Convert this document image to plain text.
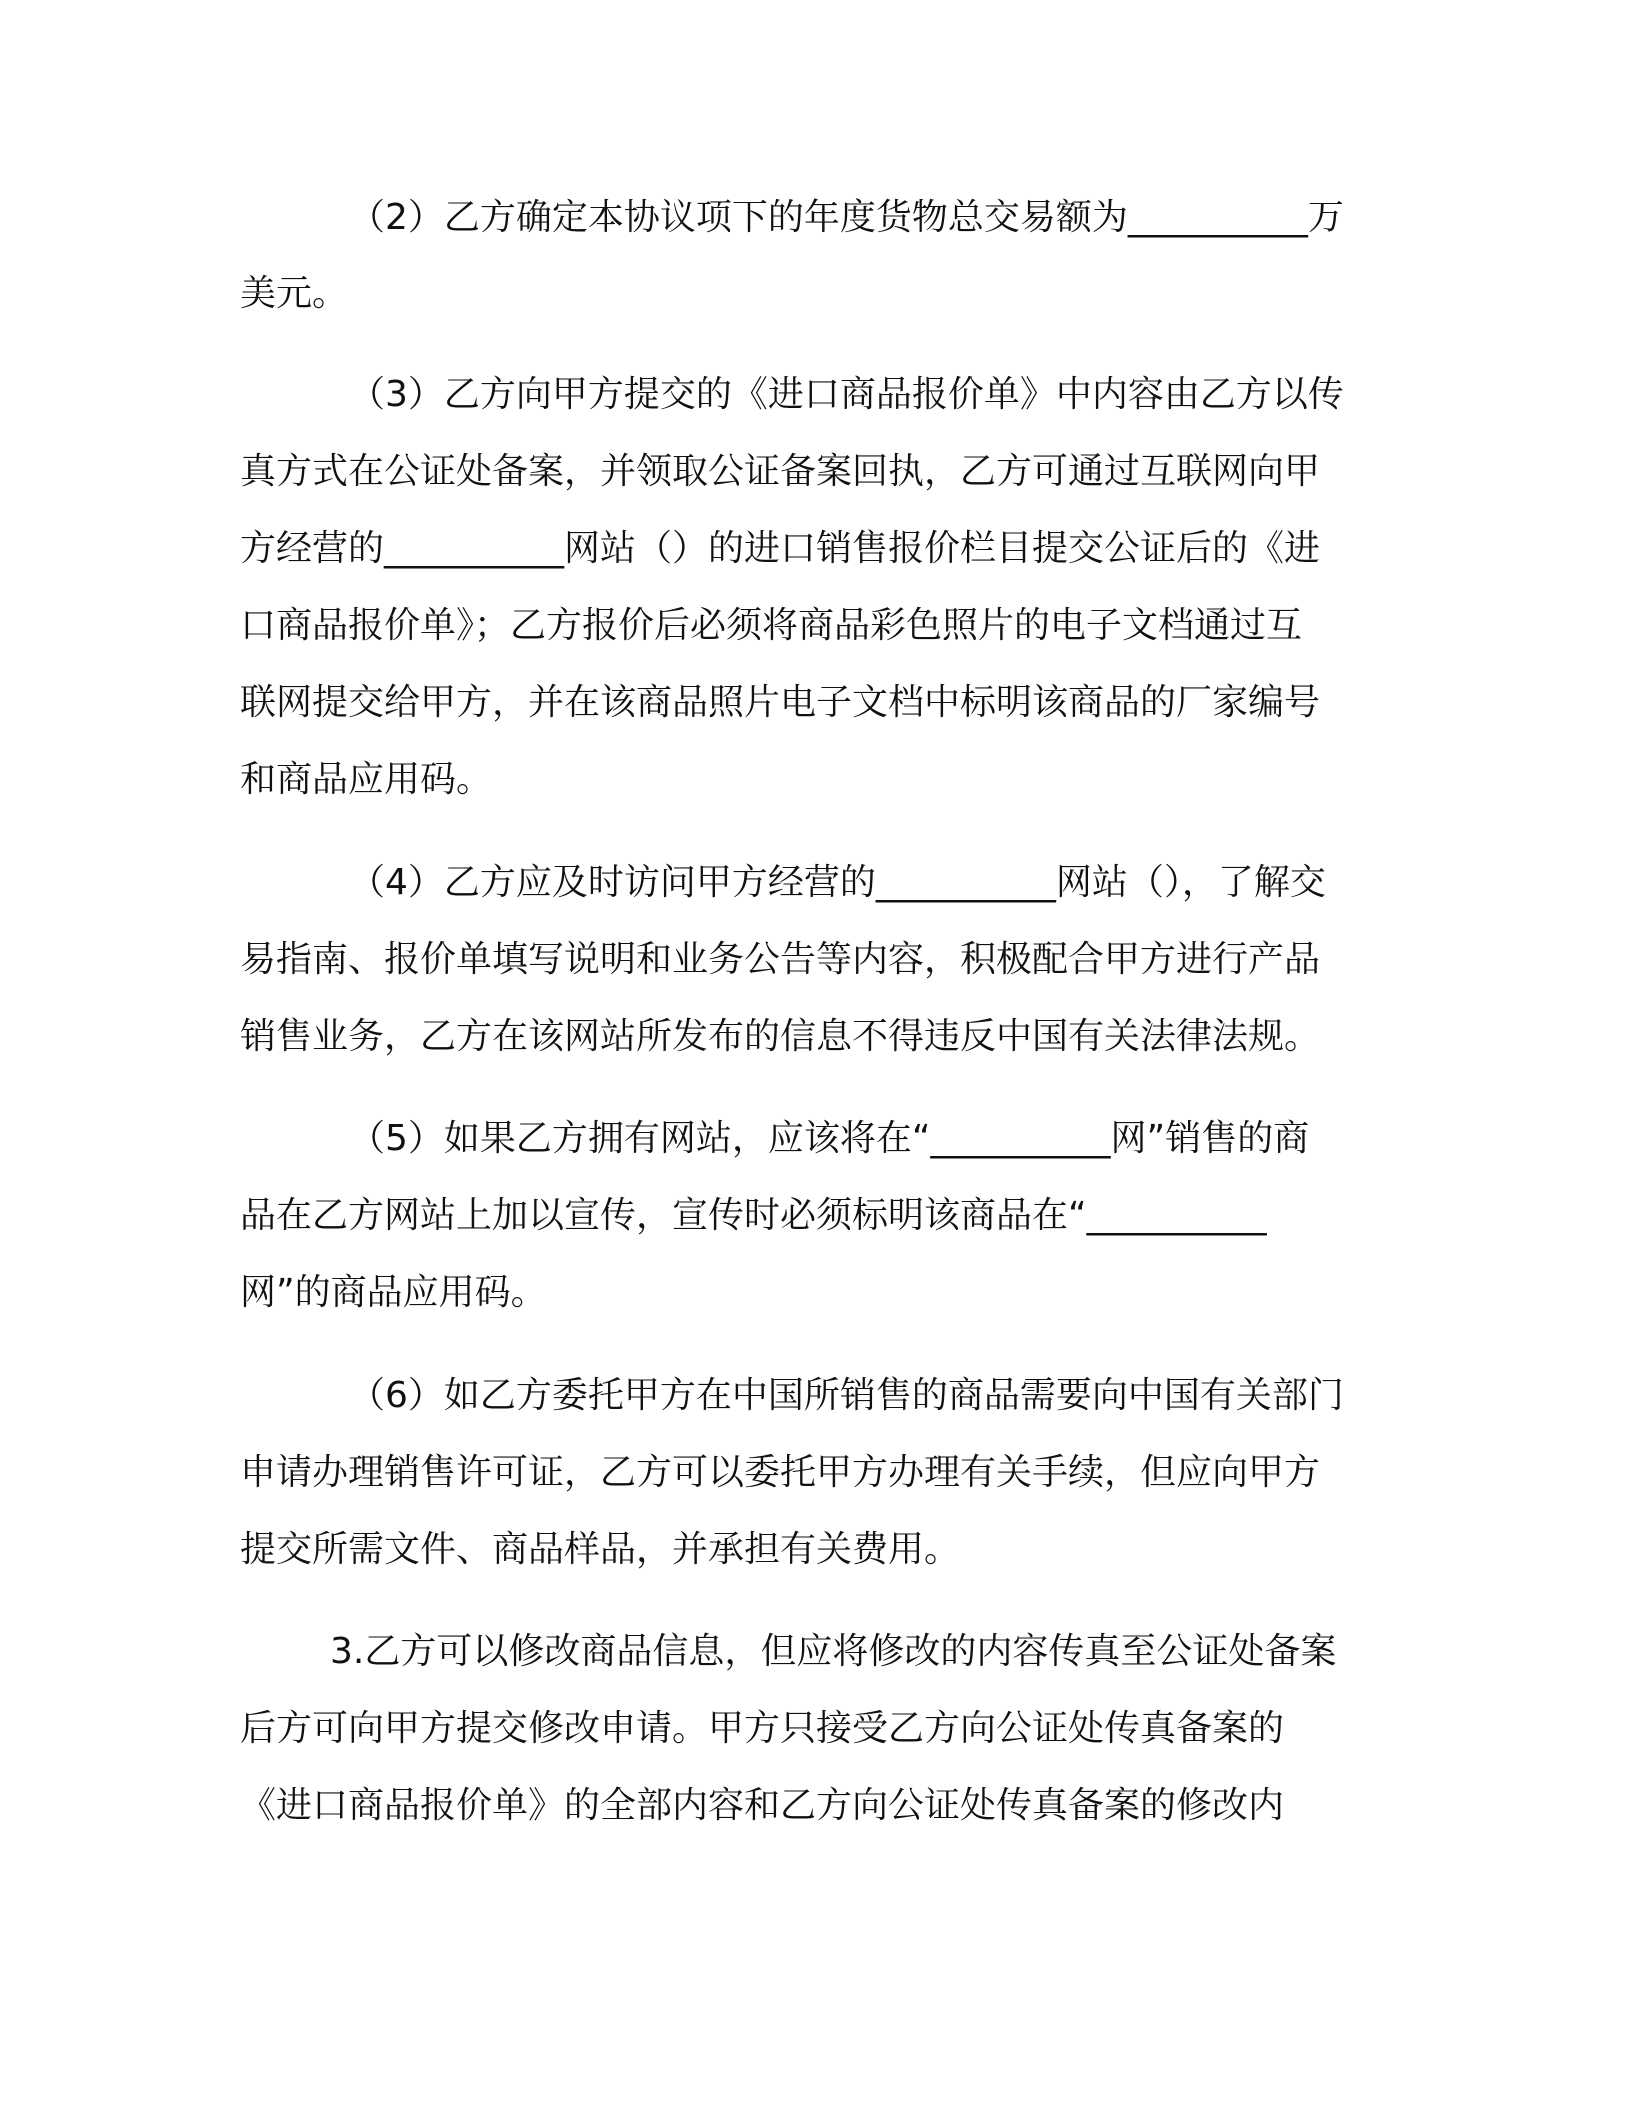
（2）乙方确定本协议项下的年度货物总交易额为__________万
美元。
（3）乙方向甲方提交的《进口商品报价单》中内容由乙方以传
真方式在公证处备案，并领取公证备案回执，乙方可通过互联网向甲
方经营的__________网站（）的进口销售报价栏目提交公证后的《进
口商品报价单》；乙方报价后必须将商品彩色照片的电子文档通过互
联网提交给甲方，并在该商品照片电子文档中标明该商品的厂家编号
和商品应用码。
（4）乙方应及时访问甲方经营的__________网站（），了解交
易指南、报价单填写说明和业务公告等内容，积极配合甲方进行产品
销售业务，乙方在该网站所发布的信息不得违反中国有关法律法规。
（5）如果乙方拥有网站，应该将在“__________网”销售的商
品在乙方网站上加以宣传，宣传时必须标明该商品在“__________
网”的商品应用码。
（6）如乙方委托甲方在中国所销售的商品需要向中国有关部门
申请办理销售许可证，乙方可以委托甲方办理有关手续，但应向甲方
提交所需文件、商品样品，并承担有关费用。
3.乙方可以修改商品信息，但应将修改的内容传真至公证处备案
后方可向甲方提交修改申请。甲方只接受乙方向公证处传真备案的
《进口商品报价单》的全部内容和乙方向公证处传真备案的修改内
